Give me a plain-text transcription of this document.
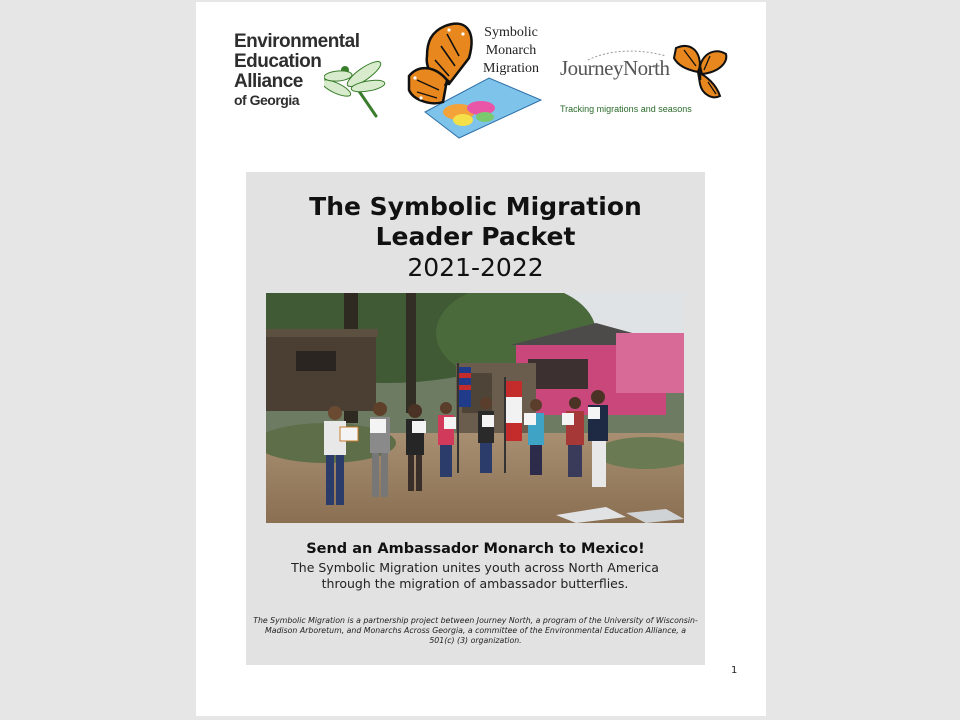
Environmental
Education
Alliance
of Georgia
Symbolic
Monarch
Migration	JourneyNorth
Tracking migrations and seasons
The Symbolic Migration
Leader Packet
2021-2022
Send an Ambassador Monarch to Mexico!
The Symbolic Migration unites youth across North America through the migration of ambassador butterflies.
The Symbolic Migration is a partnership project between Journey North, a program of the University of Wisconsin-Madison Arboretum, and Monarchs Across Georgia, a committee of the Environmental Education Alliance, a 501(c) (3) organization.
1
